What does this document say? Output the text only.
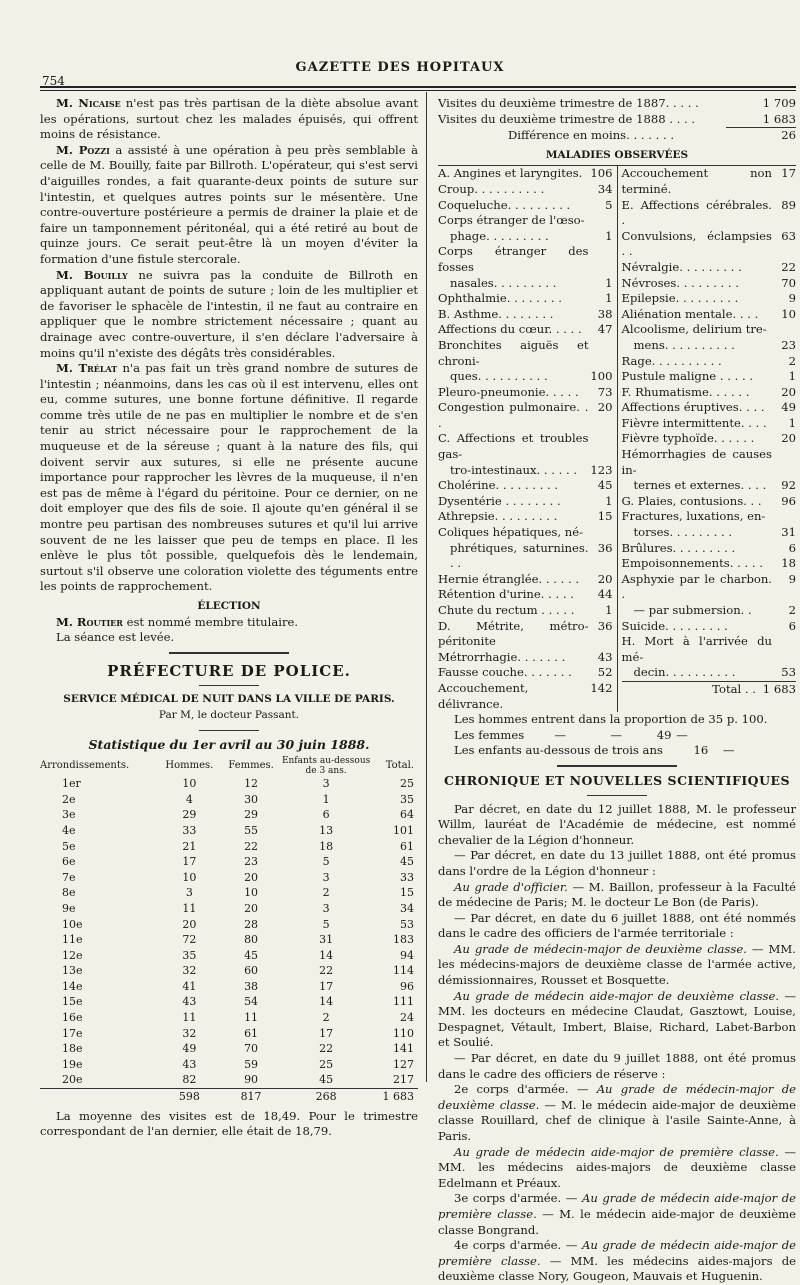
754
GAZETTE DES HOPITAUX

M. Nicaise n'est pas très partisan de la diète absolue avant les opérations, surtout chez les malades épuisés, qui offrent moins de résistance.

M. Pozzi a assisté à une opération à peu près semblable à celle de M. Bouilly, faite par Billroth. L'opérateur, qui s'est servi d'aiguilles rondes, a fait quarante-deux points de suture sur l'intestin, et quelques autres points sur le mésentère. Une contre-ouverture postérieure a permis de drainer la plaie et de faire un tamponnement péritonéal, qui a été retiré au bout de quinze jours. Ce serait peut-être là un moyen d'éviter la formation d'une fistule stercorale.

M. Bouilly ne suivra pas la conduite de Billroth en appliquant autant de points de suture ; loin de les multiplier et de favoriser le sphacèle de l'intestin, il ne faut au contraire en appliquer que le nombre strictement nécessaire ; quant au drainage avec contre-ouverture, il s'en déclare l'adversaire à moins qu'il n'existe des dégâts très considérables.

M. Trélat n'a pas fait un très grand nombre de sutures de l'intestin ; néanmoins, dans les cas où il est intervenu, elles ont eu, comme sutures, une bonne fortune définitive. Il regarde comme très utile de ne pas en multiplier le nombre et de s'en tenir au strict nécessaire pour le rapprochement de la muqueuse et de la séreuse ; quant à la nature des fils, qui doivent servir aux sutures, si elle ne présente aucune importance pour rapprocher les lèvres de la muqueuse, il n'en est pas de même à l'égard du péritoine. Pour ce dernier, on ne doit employer que des fils de soie. Il ajoute qu'en général il se montre peu partisan des nombreuses sutures et qu'il lui arrive souvent de ne les laisser que peu de temps en place. Il les enlève le plus tôt possible, quelquefois dès le lendemain, surtout s'il observe une coloration violette des téguments entre les points de rapprochement.

ÉLECTION

M. Routier est nommé membre titulaire.

La séance est levée.

PRÉFECTURE DE POLICE.

SERVICE MÉDICAL DE NUIT DANS LA VILLE DE PARIS.

Par M, le docteur Passant.

Statistique du 1er avril au 30 juin 1888.

Arrondissements.	Hommes.	Femmes.	Enfants au-dessous de 3 ans.	Total.
1er	10	12	3	25
2e	4	30	1	35
3e	29	29	6	64
4e	33	55	13	101
5e	21	22	18	61
6e	17	23	5	45
7e	10	20	3	33
8e	3	10	2	15
9e	11	20	3	34
10e	20	28	5	53
11e	72	80	31	183
12e	35	45	14	94
13e	32	60	22	114
14e	41	38	17	96
15e	43	54	14	111
16e	11	11	2	24
17e	32	61	17	110
18e	49	70	22	141
19e	43	59	25	127
20e	82	90	45	217
	598	817	268	1 683

La moyenne des visites est de 18,49. Pour le trimestre correspondant de l'an dernier, elle était de 18,79.

Visites du deuxième trimestre de 1887. . . . .	1 709
Visites du deuxième trimestre de 1888 . . . .	1 683
Différence en moins. . . . . . .	26

MALADIES OBSERVÉES

A. Angines et laryngites. 106
Croup. . . . . . . . . .	34
Coqueluche. . . . . . . . .	5
Corps étranger de l'œso-
phage. . . . . . . . .	1
Corps étranger des fosses
nasales. . . . . . . . .	1
Ophthalmie. . . . . . . .	1
B. Asthme. . . . . . . .	38
Affections du cœur. . . . .	47
Bronchites aiguës et chroni-
ques. . . . . . . . . .	100
Pleuro-pneumonie. . . . .	73
Congestion pulmonaire. . .
20
C. Affections et troubles gas-
tro-intestinaux. . . . . .	123
Cholérine. . . . . . . . .	45
Dysentérie . . . . . . . .	1
Athrepsie. . . . . . . . .	15
Coliques hépatiques, né-
phrétiques, saturnines. . .
36
Hernie étranglée. . . . . .	20
Rétention d'urine. . . . .	44
Chute du rectum . . . . .	1
D. Métrite, métro-péritonite
36
Métrorrhagie. . . . . . .	43
Fausse couche. . . . . . .	52
Accouchement, délivrance.
142
Accouchement non terminé.
17
E. Affections cérébrales. .
89
Convulsions, éclampsies . .
63
Névralgie. . . . . . . . .	22
Névroses. . . . . . . . .	70
Epilepsie. . . . . . . . .	9
Aliénation mentale. . . .	10
Alcoolisme, delirium tre-
mens. . . . . . . . . .	23
Rage. . . . . . . . . .	2
Pustule maligne . . . . .	1
F. Rhumatisme. . . . . .	20
Affections éruptives. . . .	49
Fièvre intermittente. . . .	1
Fièvre typhoïde. . . . . .	20
Hémorrhagies de causes in-
ternes et externes. . . .	92
G. Plaies, contusions. . .	96
Fractures, luxations, en-
torses. . . . . . . . .	31
Brûlures. . . . . . . . .	6
Empoisonnements. . . . .	18
Asphyxie par le charbon. .
9
— par submersion. .	2
Suicide. . . . . . . . .	6
H. Mort à l'arrivée du mé-
decin. . . . . . . . . .	53
Total . . 1 683

Les hommes entrent dans la proportion de 35 p. 100.

Les femmes	—	—	49 —

Les enfants au-dessous de trois ans	16 —

CHRONIQUE ET NOUVELLES SCIENTIFIQUES

Par décret, en date du 12 juillet 1888, M. le professeur Willm, lauréat de l'Académie de médecine, est nommé chevalier de la Légion d'honneur.

— Par décret, en date du 13 juillet 1888, ont été promus dans l'ordre de la Légion d'honneur :

Au grade d'officier. — M. Baillon, professeur à la Faculté de médecine de Paris; M. le docteur Le Bon (de Paris).

— Par décret, en date du 6 juillet 1888, ont été nommés dans le cadre des officiers de l'armée territoriale :

Au grade de médecin-major de deuxième classe. — MM. les médecins-majors de deuxième classe de l'armée active, démissionnaires, Rousset et Bosquette.

Au grade de médecin aide-major de deuxième classe. — MM. les docteurs en médecine Claudat, Gasztowt, Louise, Despagnet, Vétault, Imbert, Blaise, Richard, Labet-Barbon et Soulié.

— Par décret, en date du 9 juillet 1888, ont été promus dans le cadre des officiers de réserve :

2e corps d'armée. — Au grade de médecin-major de deuxième classe. — M. le médecin aide-major de deuxième classe Rouillard, chef de clinique à l'asile Sainte-Anne, à Paris.

Au grade de médecin aide-major de première classe. — MM. les médecins aides-majors de deuxième classe Edelmann et Préaux.

3e corps d'armée. — Au grade de médecin aide-major de première classe. — M. le médecin aide-major de deuxième classe Bongrand.

4e corps d'armée. — Au grade de médecin aide-major de première classe. — MM. les médecins aides-majors de deuxième classe Nory, Gougeon, Mauvais et Huguenin.
